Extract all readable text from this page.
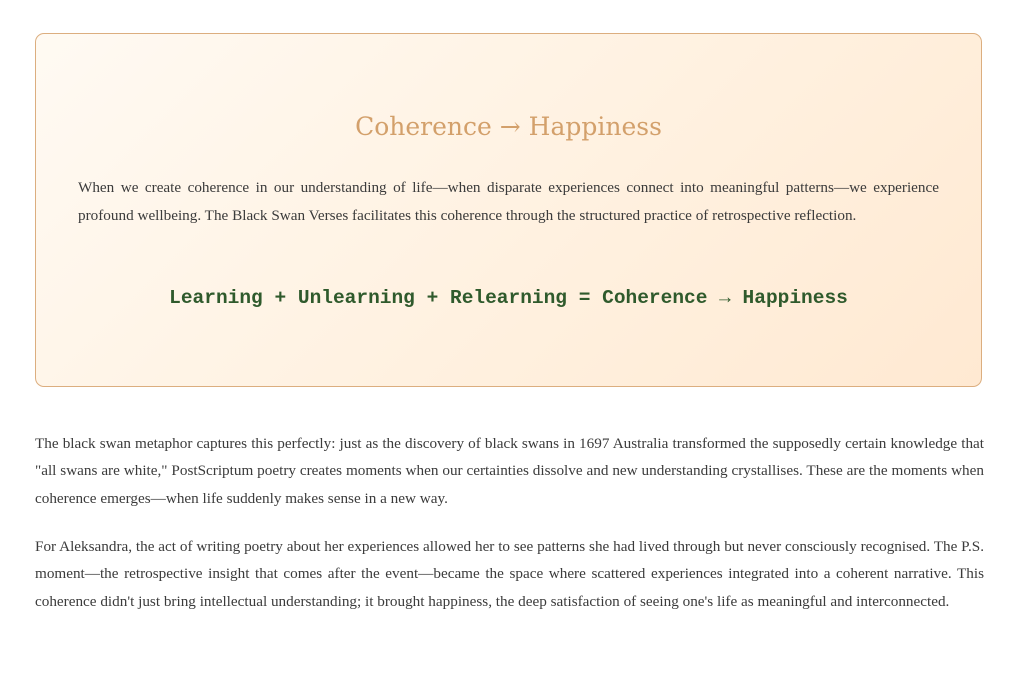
Coherence → Happiness

When we create coherence in our understanding of life—when disparate experiences connect into meaningful patterns—we experience profound wellbeing. The Black Swan Verses facilitates this coherence through the structured practice of retrospective reflection.

Learning + Unlearning + Relearning = Coherence → Happiness

The black swan metaphor captures this perfectly: just as the discovery of black swans in 1697 Australia transformed the supposedly certain knowledge that "all swans are white," PostScriptum poetry creates moments when our certainties dissolve and new understanding crystallises. These are the moments when coherence emerges—when life suddenly makes sense in a new way.

For Aleksandra, the act of writing poetry about her experiences allowed her to see patterns she had lived through but never consciously recognised. The P.S. moment—the retrospective insight that comes after the event—became the space where scattered experiences integrated into a coherent narrative. This coherence didn't just bring intellectual understanding; it brought happiness, the deep satisfaction of seeing one's life as meaningful and interconnected.
